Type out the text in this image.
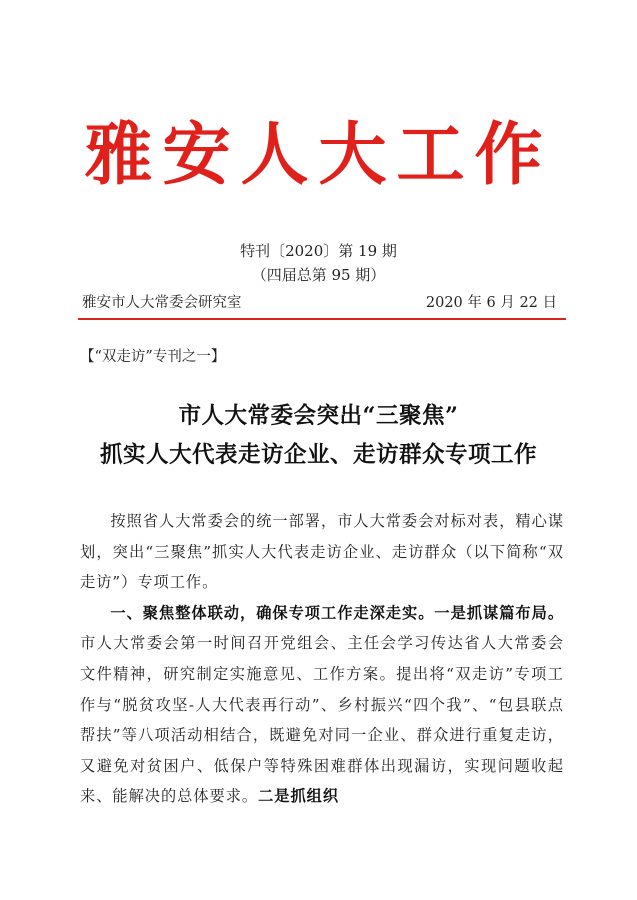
雅安人大工作
特刊〔2020〕第 19 期
（四届总第 95 期）
雅安市人大常委会研究室	2020 年 6 月 22 日
【“双走访”专刊之一】
市人大常委会突出“三聚焦”
抓实人大代表走访企业、走访群众专项工作

按照省人大常委会的统一部署，市人大常委会对标对表，精心谋划，突出“三聚焦”抓实人大代表走访企业、走访群众（以下简称“双走访”）专项工作。

一、聚焦整体联动，确保专项工作走深走实。一是抓谋篇布局。市人大常委会第一时间召开党组会、主任会学习传达省人大常委会文件精神，研究制定实施意见、工作方案。提出将“双走访”专项工作与“脱贫攻坚-人大代表再行动”、乡村振兴“四个我”、“包县联点帮扶”等八项活动相结合，既避免对同一企业、群众进行重复走访，又避免对贫困户、低保户等特殊困难群体出现漏访，实现问题收起来、能解决的总体要求。二是抓组织
